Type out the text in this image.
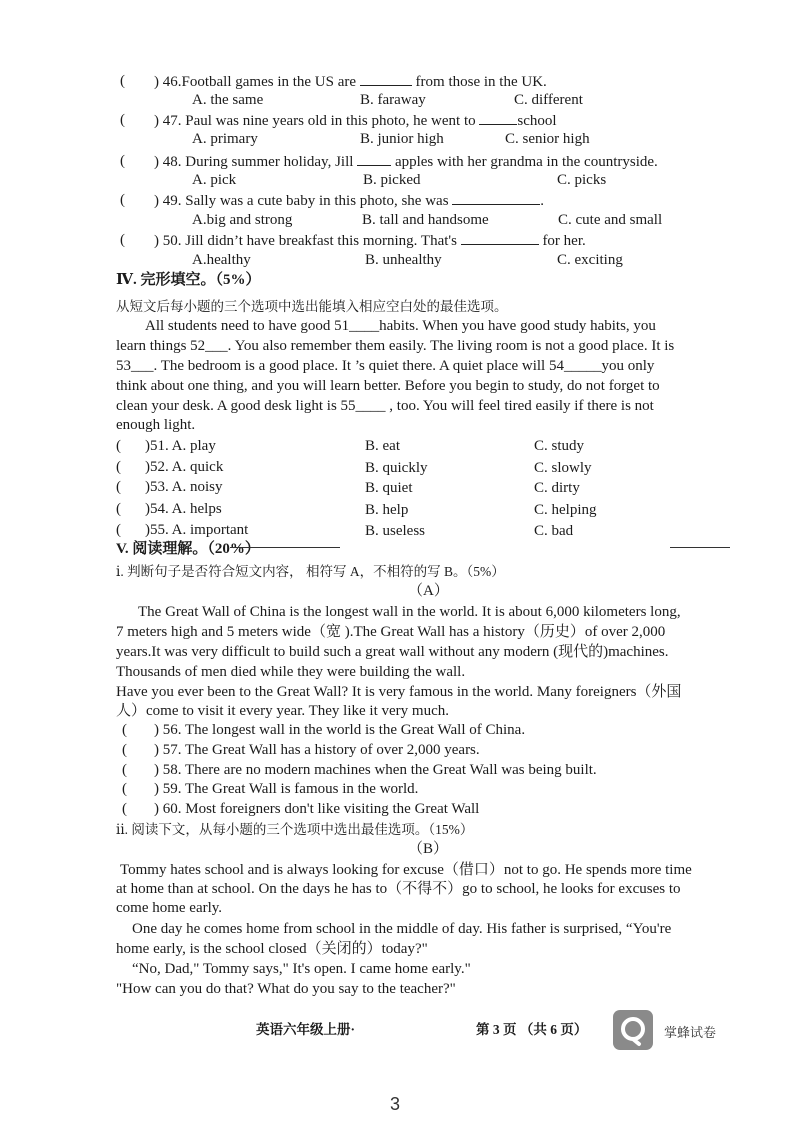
( ) 46.Football games in the US are	from those in the UK.
A. the same	B. faraway	C. different
( ) 47. Paul was nine years old in this photo, he went to	school
A. primary	B. junior high	C. senior high
( ) 48. During summer holiday, Jill	apples with her grandma in the countryside.
A. pick	B. picked	C. picks
( ) 49. Sally was a cute baby in this photo, she was	.
A.big and strong	B. tall and handsome	C. cute and small
( ) 50. Jill didn’t have breakfast this morning. That's	for her.
A.healthy	B. unhealthy	C. exciting
Ⅳ. 完形填空。（5%）
从短文后每小题的三个选项中选出能填入相应空白处的最佳选项。
All students need to have good 51____habits. When you have good study habits, you
learn things 52___. You also remember them easily. The living room is not a good place. It is
53___. The bedroom is a good place. It ’s quiet there. A quiet place will 54_____you only
think about one thing, and you will learn better. Before you begin to study, do not forget to
clean your desk. A good desk light is 55____ , too. You will feel tired easily if there is not
enough light.
( )51. A. play	B. eat	C. study
( )52. A. quick	B. quickly	C. slowly
( )53. A. noisy	B. quiet	C. dirty
( )54. A. helps	B. help	C. helping
( )55. A. important	B. useless	C. bad
V. 阅读理解。（20%）
ⅰ. 判断句子是否符合短文内容， 相符写 A，不相符的写 B。（5%）
（A）
The Great Wall of China is the longest wall in the world. It is about 6,000 kilometers long,
7 meters high and 5 meters wide（宽 ).The Great Wall has a history（历史）of over 2,000
years.It was very difficult to build such a great wall without any modern (现代的)machines.
Thousands of men died while they were building the wall.
Have you ever been to the Great Wall? It is very famous in the world. Many foreigners（外国
人）come to visit it every year. They like it very much.
( ) 56. The longest wall in the world is the Great Wall of China.
( ) 57. The Great Wall has a history of over 2,000 years.
( ) 58. There are no modern machines when the Great Wall was being built.
( ) 59. The Great Wall is famous in the world.
( ) 60. Most foreigners don't like visiting the Great Wall
ⅱ. 阅读下文，从每小题的三个选项中选出最佳选项。（15%）
（B）
Tommy hates school and is always looking for excuse（借口）not to go. He spends more time
at home than at school. On the days he has to（不得不）go to school, he looks for excuses to
come home early.
One day he comes home from school in the middle of day. His father is surprised, “You're
home early, is the school closed（关闭的）today?"
“No, Dad," Tommy says," It's open. I came home early."
"How can you do that? What do you say to the teacher?"
英语六年级上册·	第 3 页 （共 6 页）	掌蜂试卷
3
